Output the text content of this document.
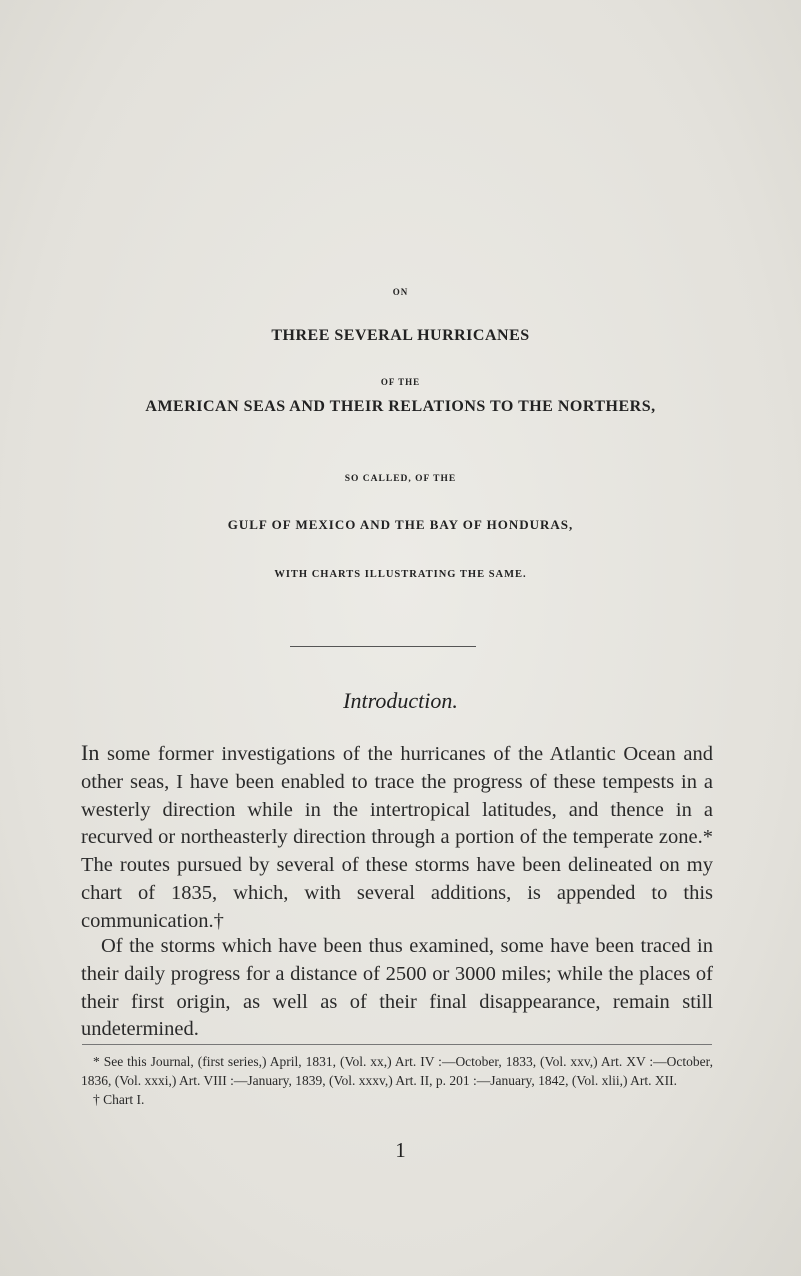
ON
THREE SEVERAL HURRICANES
OF THE
AMERICAN SEAS AND THEIR RELATIONS TO THE NORTHERS,
SO CALLED, OF THE
GULF OF MEXICO AND THE BAY OF HONDURAS,
WITH CHARTS ILLUSTRATING THE SAME.
Introduction.
In some former investigations of the hurricanes of the Atlantic Ocean and other seas, I have been enabled to trace the progress of these tempests in a westerly direction while in the intertropical latitudes, and thence in a recurved or northeasterly direction through a portion of the temperate zone.* The routes pursued by several of these storms have been delineated on my chart of 1835, which, with several additions, is appended to this communication.†
Of the storms which have been thus examined, some have been traced in their daily progress for a distance of 2500 or 3000 miles; while the places of their first origin, as well as of their final disappearance, remain still undetermined.
* See this Journal, (first series,) April, 1831, (Vol. xx,) Art. IV :—October, 1833, (Vol. xxv,) Art. XV :—October, 1836, (Vol. xxxi,) Art. VIII :—January, 1839, (Vol. xxxv,) Art. II, p. 201 :—January, 1842, (Vol. xlii,) Art. XII.
† Chart I.
1
